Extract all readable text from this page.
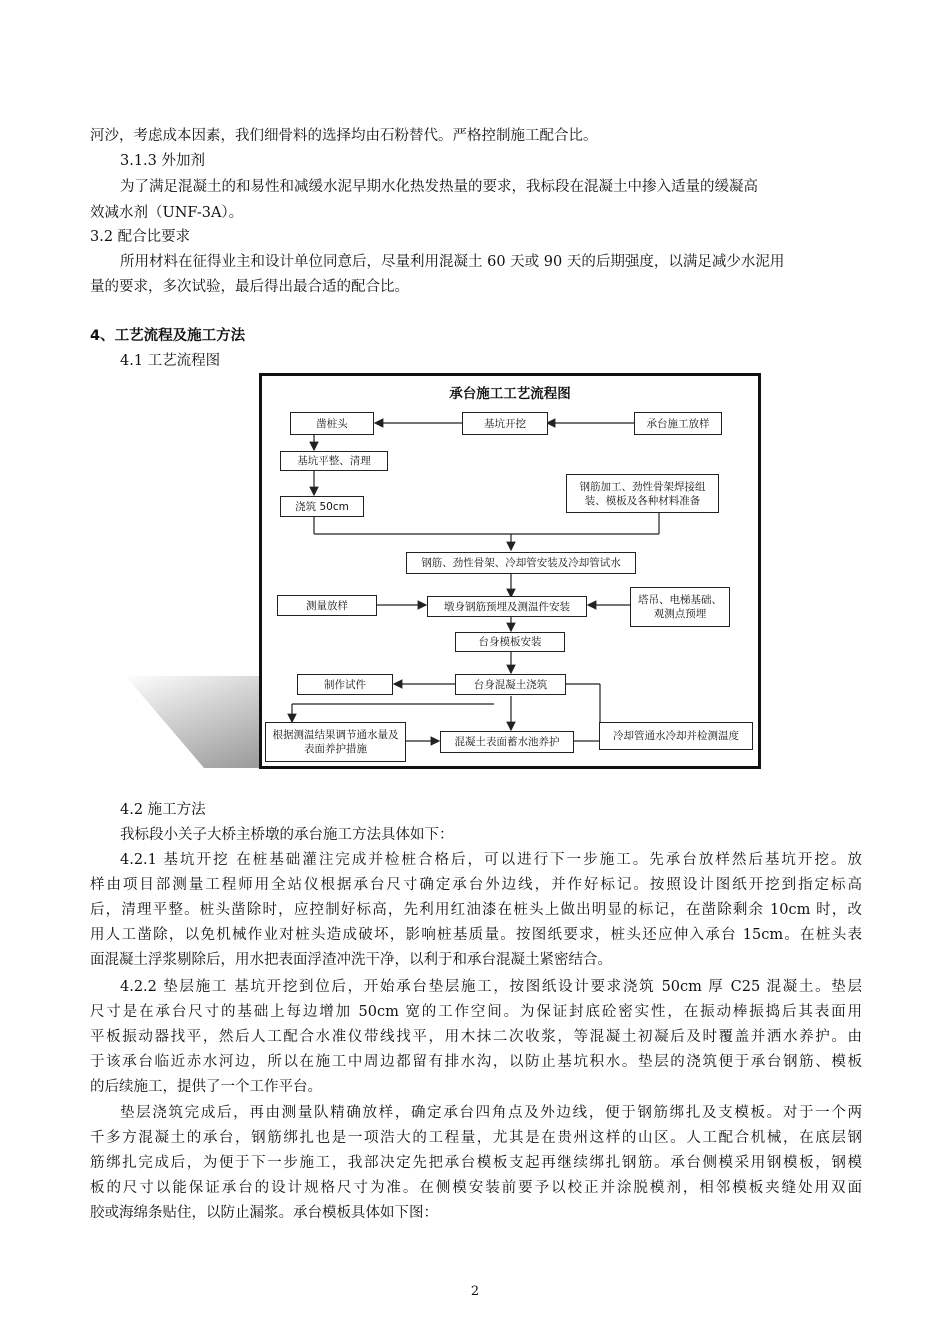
河沙，考虑成本因素，我们细骨料的选择均由石粉替代。严格控制施工配合比。
3.1.3 外加剂
为了满足混凝土的和易性和减缓水泥早期水化热发热量的要求，我标段在混凝土中掺入适量的缓凝高
效减水剂（UNF-3A）。
3.2 配合比要求
所用材料在征得业主和设计单位同意后，尽量利用混凝土 60 天或 90 天的后期强度，以满足减少水泥用
量的要求，多次试验，最后得出最合适的配合比。
4、工艺流程及施工方法
4.1 工艺流程图
承台施工工艺流程图
凿桩头	基坑开挖	承台施工放样
基坑平整、清理
浇筑 50cm
钢筋加工、劲性骨架焊接组装、模板及各种材料准备
钢筋、劲性骨架、冷却管安装及冷却管试水
测量放样	墩身钢筋预埋及测温件安装
塔吊、电梯基础、观测点预埋
台身模板安装
制作试件	台身混凝土浇筑
根据测温结果调节通水量及表面养护措施
混凝土表面蓄水池养护	冷却管通水冷却并检测温度
4.2 施工方法
我标段小关子大桥主桥墩的承台施工方法具体如下：
4.2.1 基坑开挖 在桩基础灌注完成并检桩合格后，可以进行下一步施工。先承台放样然后基坑开挖。放
样由项目部测量工程师用全站仪根据承台尺寸确定承台外边线，并作好标记。按照设计图纸开挖到指定标高
后，清理平整。桩头凿除时，应控制好标高，先利用红油漆在桩头上做出明显的标记，在凿除剩余 10cm 时，改
用人工凿除，以免机械作业对桩头造成破坏，影响桩基质量。按图纸要求，桩头还应伸入承台 15cm。在桩头表
面混凝土浮浆剔除后，用水把表面浮渣冲洗干净，以利于和承台混凝土紧密结合。
4.2.2 垫层施工 基坑开挖到位后，开始承台垫层施工，按图纸设计要求浇筑 50cm 厚 C25 混凝土。垫层
尺寸是在承台尺寸的基础上每边增加 50cm 宽的工作空间。为保证封底砼密实性，在振动棒振捣后其表面用
平板振动器找平，然后人工配合水准仪带线找平，用木抹二次收浆，等混凝土初凝后及时覆盖并洒水养护。由
于该承台临近赤水河边，所以在施工中周边都留有排水沟，以防止基坑积水。垫层的浇筑便于承台钢筋、模板
的后续施工，提供了一个工作平台。
垫层浇筑完成后，再由测量队精确放样，确定承台四角点及外边线，便于钢筋绑扎及支模板。对于一个两
千多方混凝土的承台，钢筋绑扎也是一项浩大的工程量，尤其是在贵州这样的山区。人工配合机械，在底层钢
筋绑扎完成后，为便于下一步施工，我部决定先把承台模板支起再继续绑扎钢筋。承台侧模采用钢模板，钢模
板的尺寸以能保证承台的设计规格尺寸为准。在侧模安装前要予以校正并涂脱模剂，相邻模板夹缝处用双面
胶或海绵条贴住，以防止漏浆。承台模板具体如下图：
2
